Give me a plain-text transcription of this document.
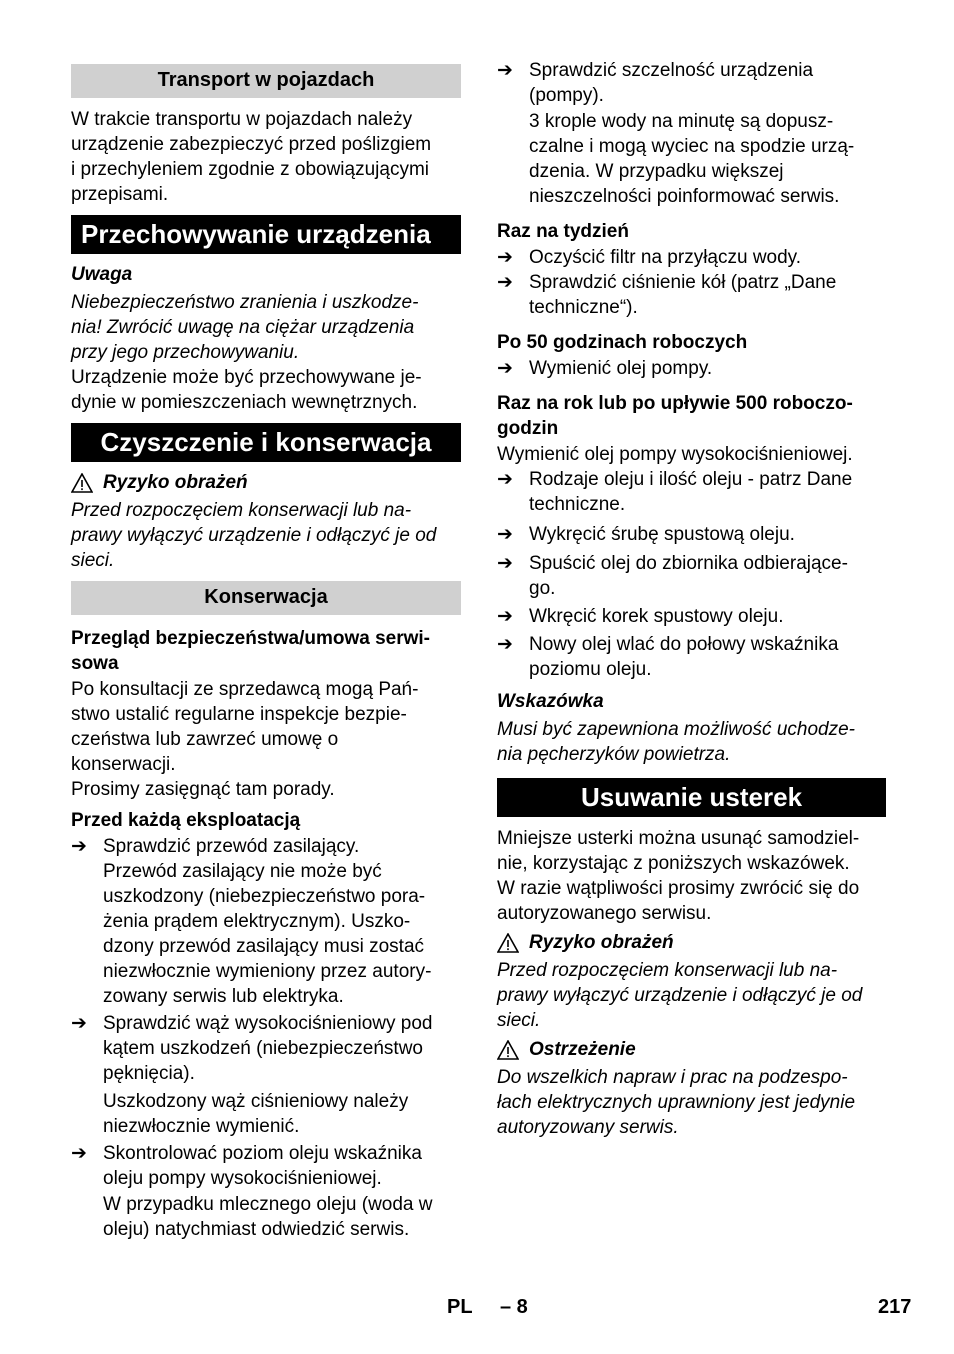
Transport w pojazdach
W trakcie transportu w pojazdach należy
urządzenie zabezpieczyć przed poślizgiem
i przechyleniem zgodnie z obowiązującymi
przepisami.
Przechowywanie urządzenia

Uwaga

Niebezpieczeństwo zranienia i uszkodze-
nia! Zwrócić uwagę na ciężar urządzenia
przy jego przechowywaniu.
Urządzenie może być przechowywane je-
dynie w pomieszczeniach wewnętrznych.
Czyszczenie i konserwacja
Ryzyko obrażeń
Przed rozpoczęciem konserwacji lub na-
prawy wyłączyć urządzenie i odłączyć je od
sieci.
Konserwacja
Przegląd bezpieczeństwa/umowa serwi-
sowa
Po konsultacji ze sprzedawcą mogą Pań-
stwo ustalić regularne inspekcje bezpie-
czeństwa lub zawrzeć umowę o
konserwacji.

Prosimy zasięgnąć tam porady.

Przed każdą eksploatacją

➔ Sprawdzić przewód zasilający.
Przewód zasilający nie może być
uszkodzony (niebezpieczeństwo pora-
żenia prądem elektrycznym). Uszko-
dzony przewód zasilający musi zostać
niezwłocznie wymieniony przez autory-
zowany serwis lub elektryka.
➔ Sprawdzić wąż wysokociśnieniowy pod
kątem uszkodzeń (niebezpieczeństwo
pęknięcia).
Uszkodzony wąż ciśnieniowy należy
niezwłocznie wymienić.
➔ Skontrolować poziom oleju wskaźnika
oleju pompy wysokociśnieniowej.
W przypadku mlecznego oleju (woda w
oleju) natychmiast odwiedzić serwis.
➔ Sprawdzić szczelność urządzenia
(pompy).
3 krople wody na minutę są dopusz-
czalne i mogą wyciec na spodzie urzą-
dzenia. W przypadku większej
nieszczelności poinformować serwis.

Raz na tydzień

➔ Oczyścić filtr na przyłączu wody.
➔ Sprawdzić ciśnienie kół (patrz „Dane
techniczne“).

Po 50 godzinach roboczych

➔ Wymienić olej pompy.
Raz na rok lub po upływie 500 roboczo-
godzin

Wymienić olej pompy wysokociśnieniowej.

➔ Rodzaje oleju i ilość oleju - patrz Dane
techniczne.
➔ Wykręcić śrubę spustową oleju.
➔ Spuścić olej do zbiornika odbierające-
go.
➔ Wkręcić korek spustowy oleju.
➔ Nowy olej wlać do połowy wskaźnika
poziomu oleju.

Wskazówka

Musi być zapewniona możliwość uchodze-
nia pęcherzyków powietrza.
Usuwanie usterek
Mniejsze usterki można usunąć samodziel-
nie, korzystając z poniższych wskazówek.
W razie wątpliwości prosimy zwrócić się do
autoryzowanego serwisu.
Ryzyko obrażeń
Przed rozpoczęciem konserwacji lub na-
prawy wyłączyć urządzenie i odłączyć je od
sieci.
Ostrzeżenie
Do wszelkich napraw i prac na podzespo-
łach elektrycznych uprawniony jest jedynie
autoryzowany serwis.
PL – 8	217
